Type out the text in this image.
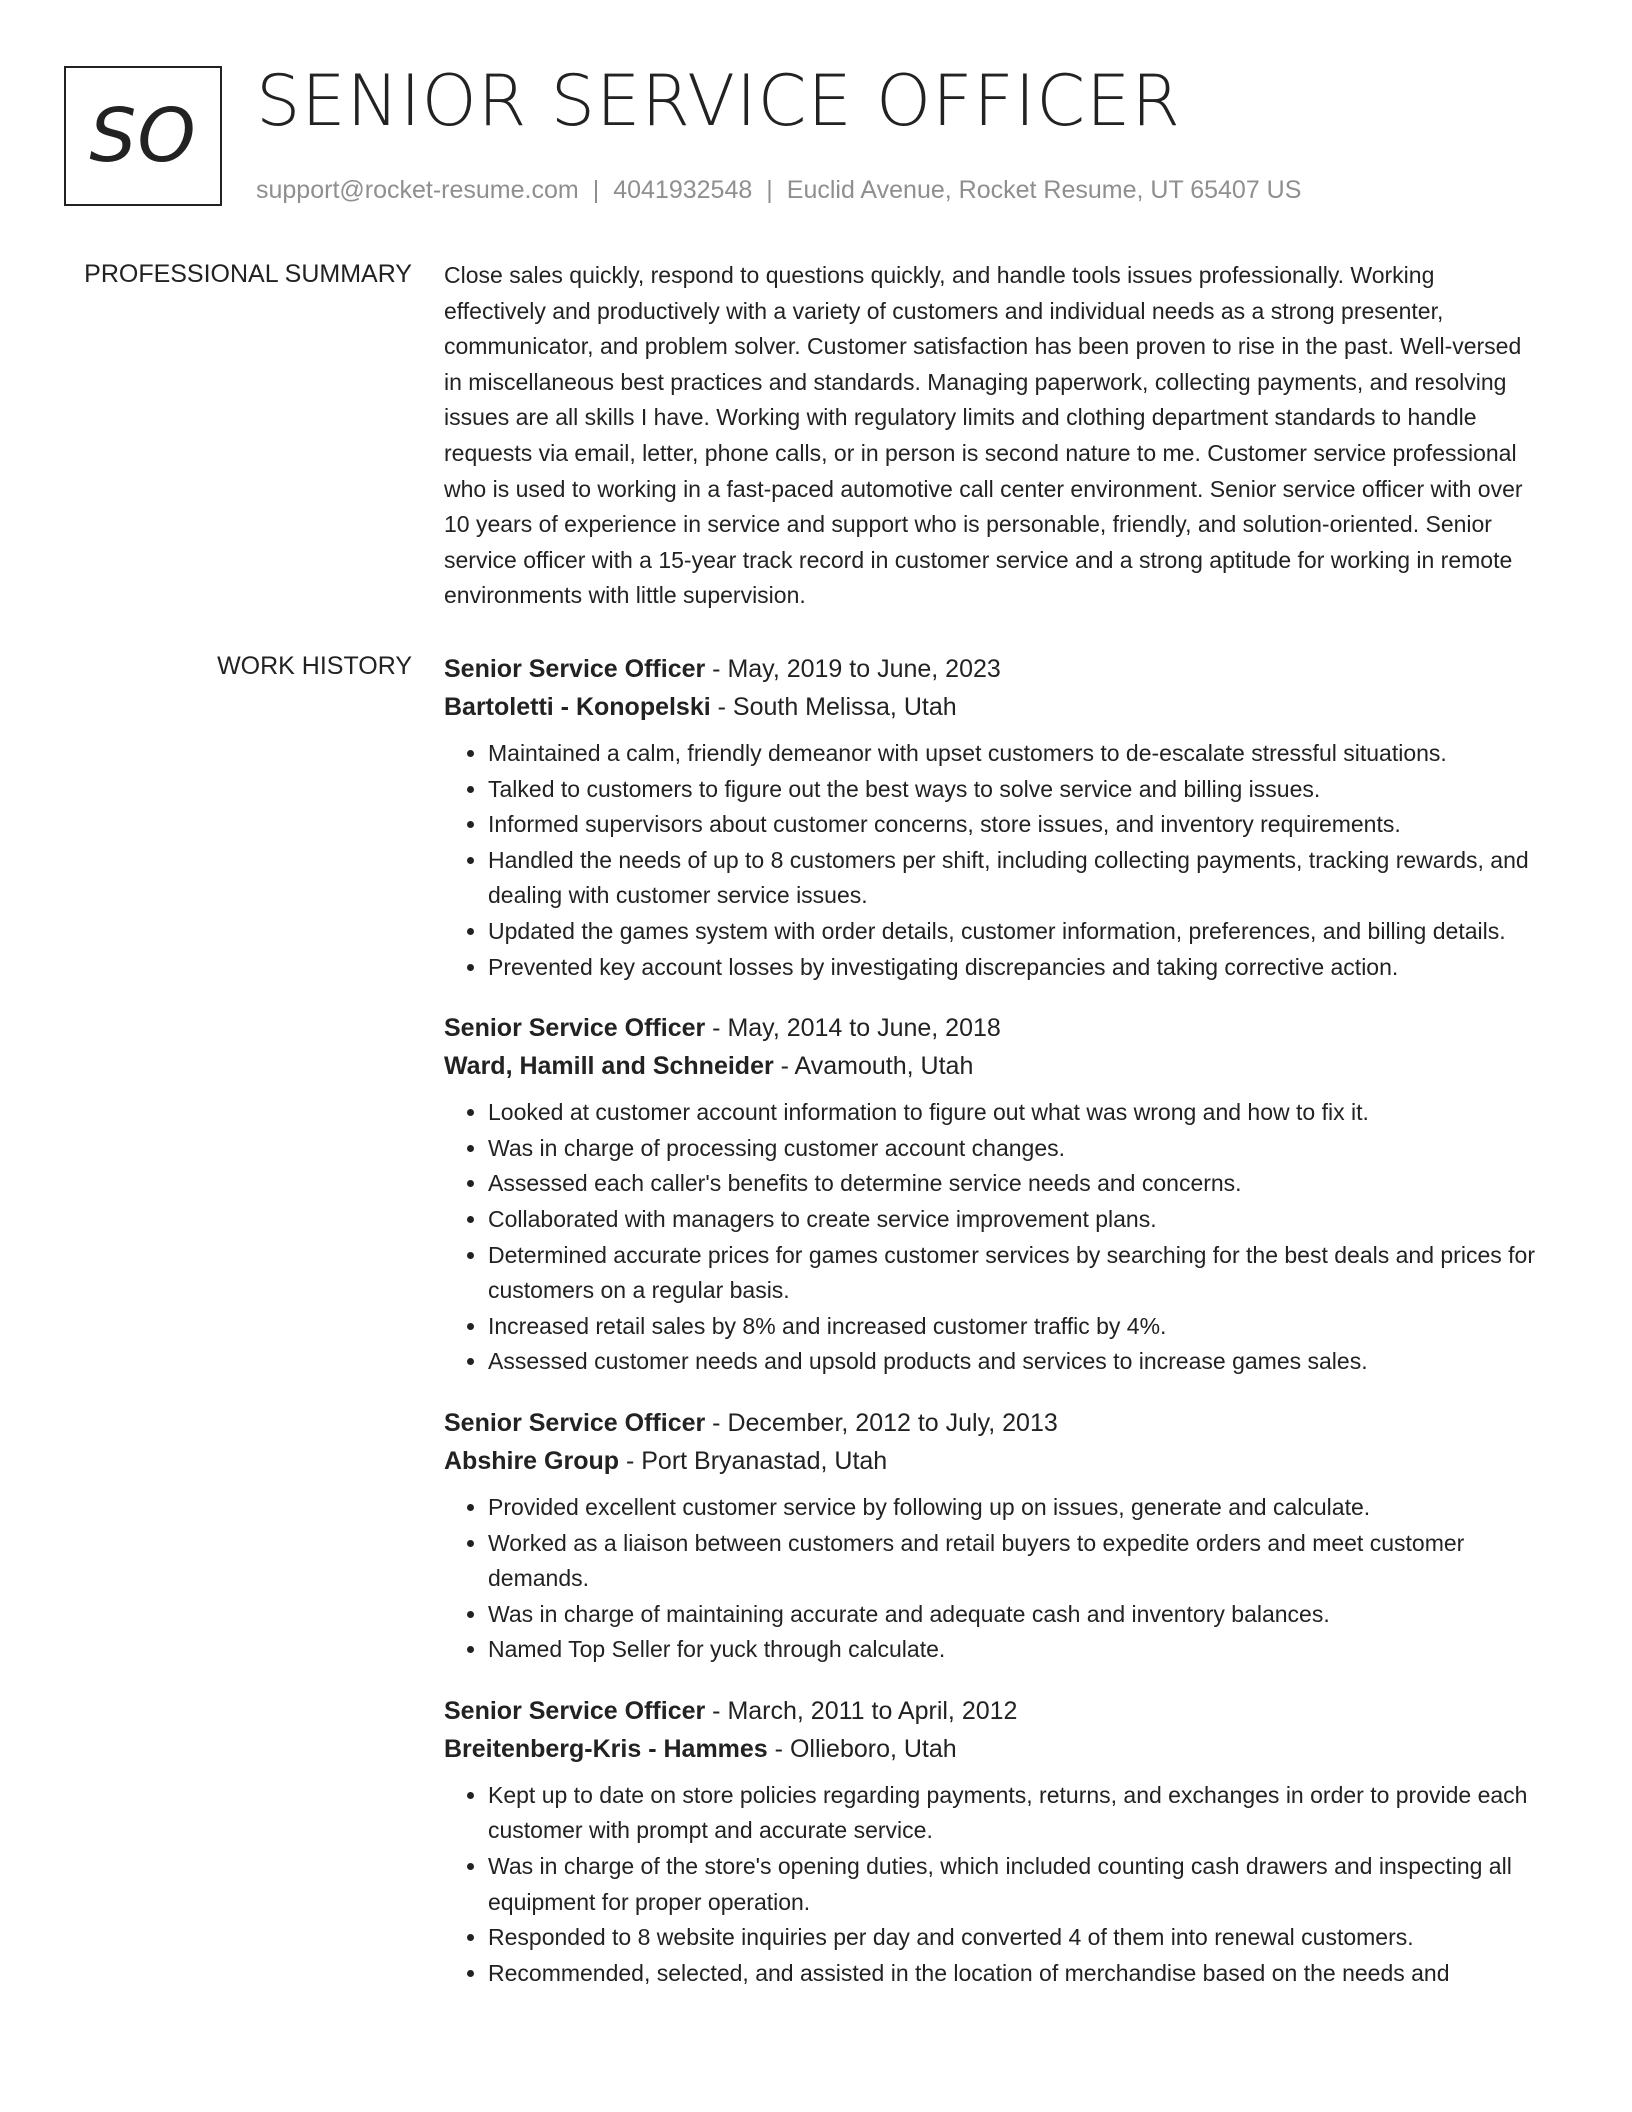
SO SENIOR SERVICE OFFICER
support@rocket-resume.com | 4041932548 | Euclid Avenue, Rocket Resume, UT 65407 US
PROFESSIONAL SUMMARY Close sales quickly, respond to questions quickly, and handle tools issues professionally. Working effectively and productively with a variety of customers and individual needs as a strong presenter, communicator, and problem solver. Customer satisfaction has been proven to rise in the past. Well-versed in miscellaneous best practices and standards. Managing paperwork, collecting payments, and resolving issues are all skills I have. Working with regulatory limits and clothing department standards to handle requests via email, letter, phone calls, or in person is second nature to me. Customer service professional who is used to working in a fast-paced automotive call center environment. Senior service officer with over 10 years of experience in service and support who is personable, friendly, and solution-oriented. Senior service officer with a 15-year track record in customer service and a strong aptitude for working in remote environments with little supervision.
WORK HISTORY Senior Service Officer - May, 2019 to June, 2023
Bartoletti - Konopelski - South Melissa, Utah
• Maintained a calm, friendly demeanor with upset customers to de-escalate stressful situations.
• Talked to customers to figure out the best ways to solve service and billing issues.
• Informed supervisors about customer concerns, store issues, and inventory requirements.
• Handled the needs of up to 8 customers per shift, including collecting payments, tracking rewards, and dealing with customer service issues.
• Updated the games system with order details, customer information, preferences, and billing details.
• Prevented key account losses by investigating discrepancies and taking corrective action.
Senior Service Officer - May, 2014 to June, 2018
Ward, Hamill and Schneider - Avamouth, Utah
• Looked at customer account information to figure out what was wrong and how to fix it.
• Was in charge of processing customer account changes.
• Assessed each caller's benefits to determine service needs and concerns.
• Collaborated with managers to create service improvement plans.
• Determined accurate prices for games customer services by searching for the best deals and prices for customers on a regular basis.
• Increased retail sales by 8% and increased customer traffic by 4%.
• Assessed customer needs and upsold products and services to increase games sales.
Senior Service Officer - December, 2012 to July, 2013
Abshire Group - Port Bryanastad, Utah
• Provided excellent customer service by following up on issues, generate and calculate.
• Worked as a liaison between customers and retail buyers to expedite orders and meet customer demands.
• Was in charge of maintaining accurate and adequate cash and inventory balances.
• Named Top Seller for yuck through calculate.
Senior Service Officer - March, 2011 to April, 2012
Breitenberg-Kris - Hammes - Ollieboro, Utah
• Kept up to date on store policies regarding payments, returns, and exchanges in order to provide each customer with prompt and accurate service.
• Was in charge of the store's opening duties, which included counting cash drawers and inspecting all equipment for proper operation.
• Responded to 8 website inquiries per day and converted 4 of them into renewal customers.
• Recommended, selected, and assisted in the location of merchandise based on the needs and
